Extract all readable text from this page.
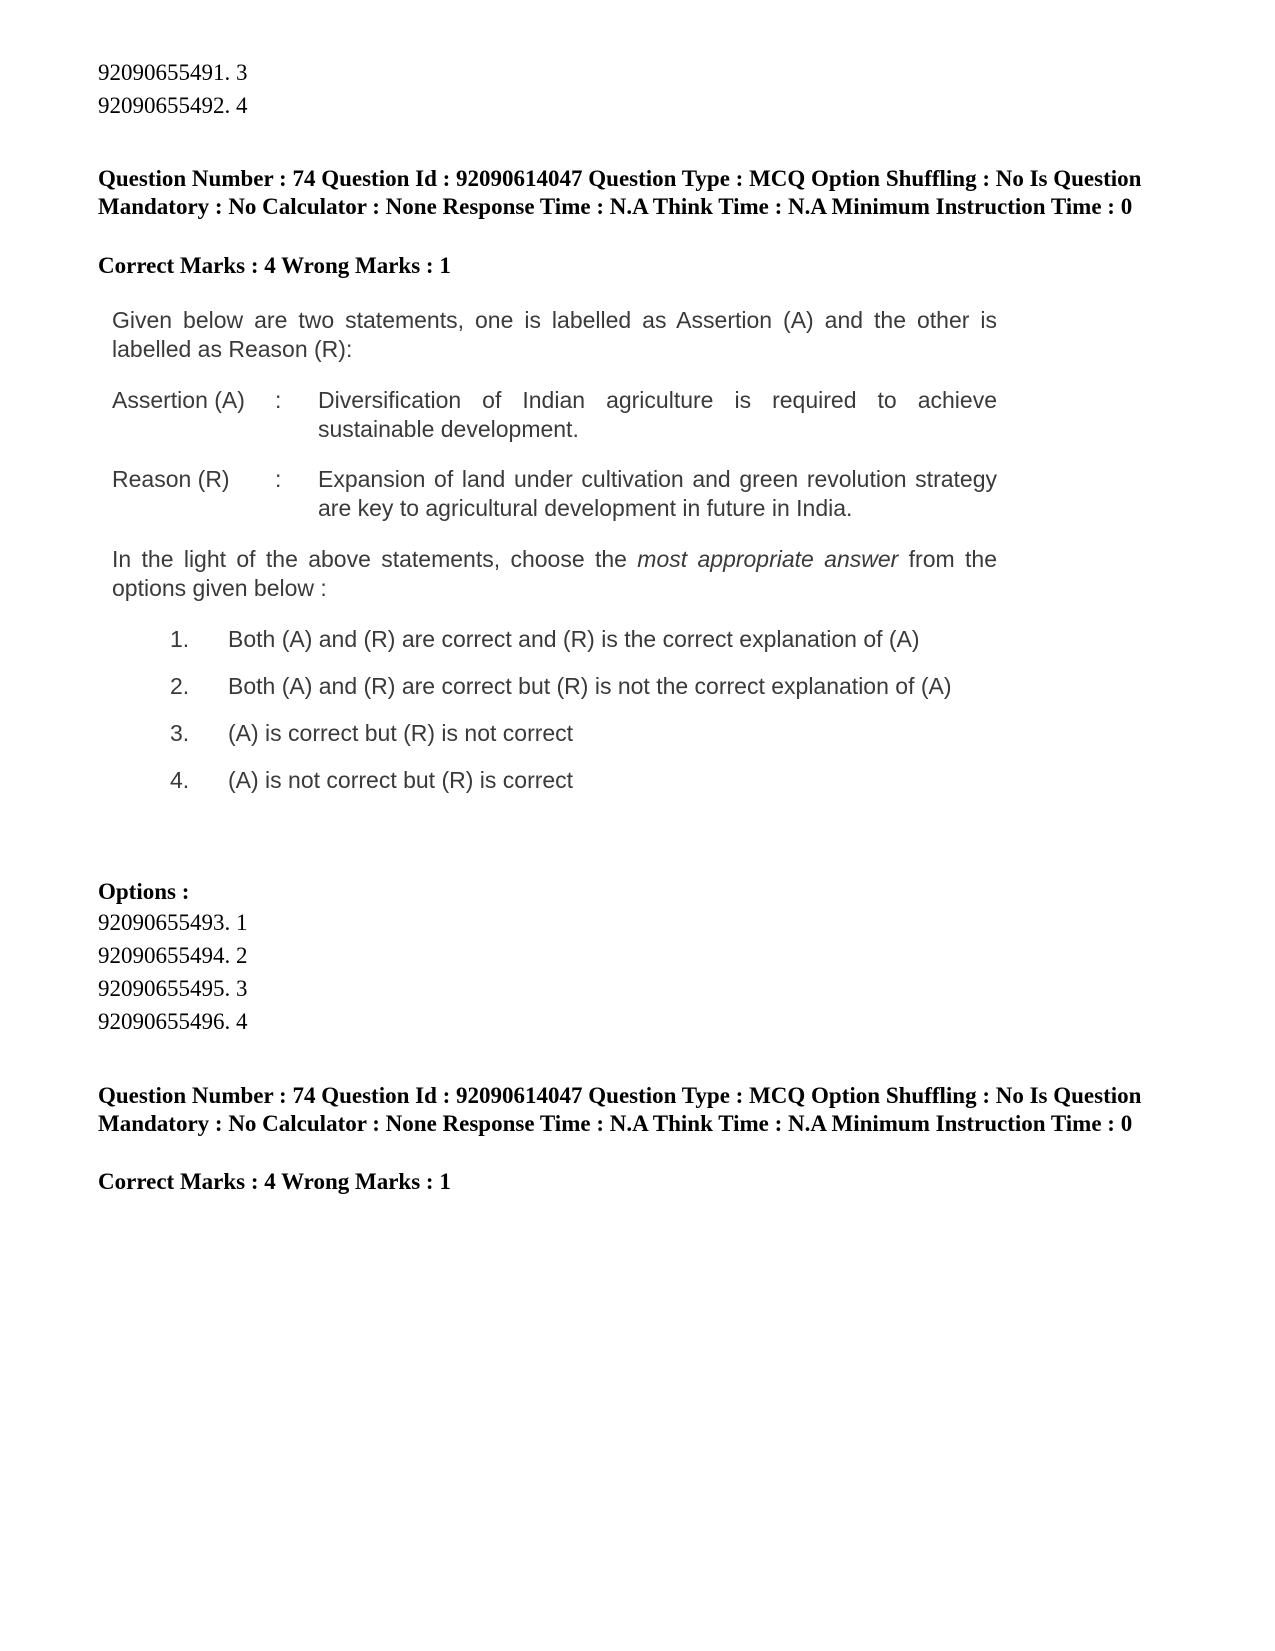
92090655491. 3
92090655492. 4
Question Number : 74 Question Id : 92090614047 Question Type : MCQ Option Shuffling : No Is Question Mandatory : No Calculator : None Response Time : N.A Think Time : N.A Minimum Instruction Time : 0
Correct Marks : 4 Wrong Marks : 1

Given below are two statements, one is labelled as Assertion (A) and the other is labelled as Reason (R):

Assertion (A)	:	Diversification of Indian agriculture is required to achieve sustainable development.
Reason (R)	:	Expansion of land under cultivation and green revolution strategy are key to agricultural development in future in India.

In the light of the above statements, choose the most appropriate answer from the options given below :

1.	Both (A) and (R) are correct and (R) is the correct explanation of (A)
2.	Both (A) and (R) are correct but (R) is not the correct explanation of (A)
3.	(A) is correct but (R) is not correct
4.	(A) is not correct but (R) is correct
Options :
92090655493. 1
92090655494. 2
92090655495. 3
92090655496. 4
Question Number : 74 Question Id : 92090614047 Question Type : MCQ Option Shuffling : No Is Question Mandatory : No Calculator : None Response Time : N.A Think Time : N.A Minimum Instruction Time : 0
Correct Marks : 4 Wrong Marks : 1
